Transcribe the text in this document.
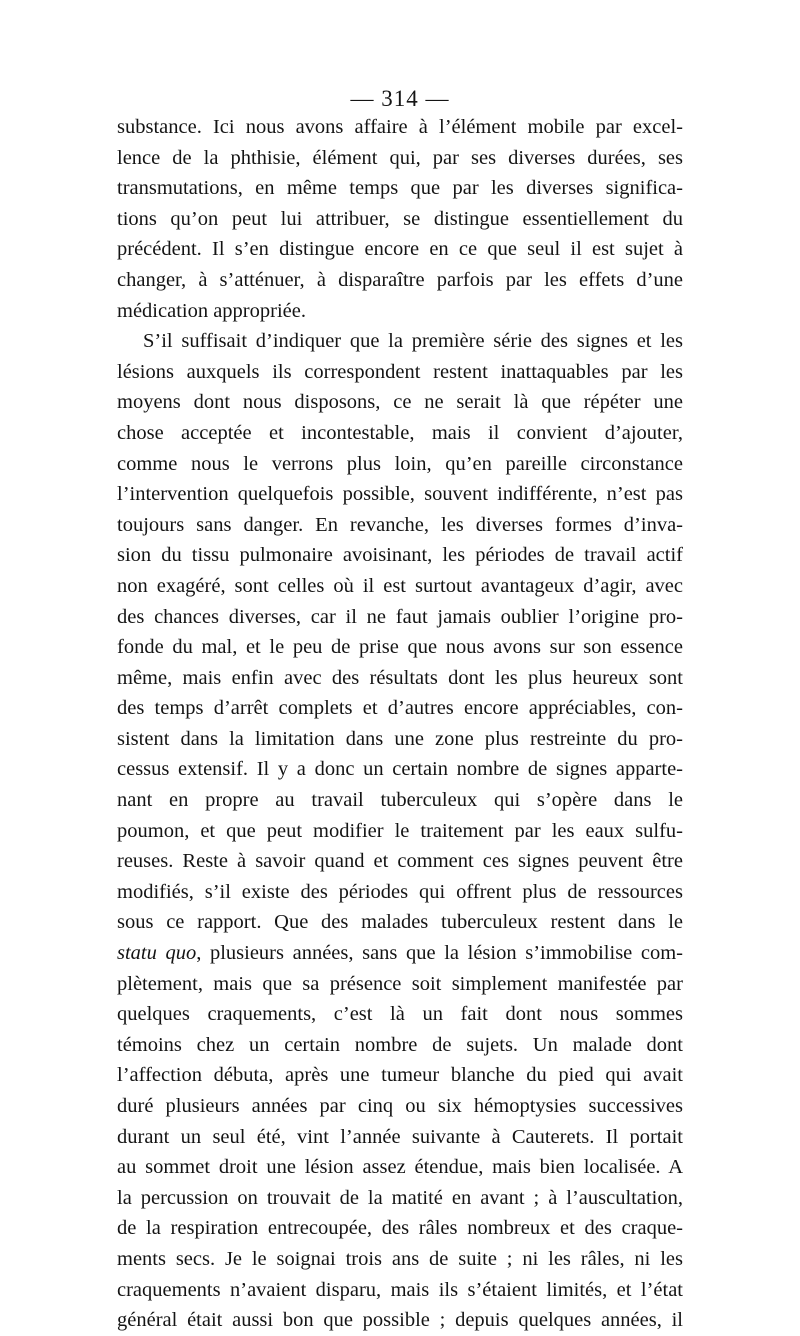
— 314 —
substance. Ici nous avons affaire à l’élément mobile par excel-
lence de la phthisie, élément qui, par ses diverses durées, ses
transmutations, en même temps que par les diverses significa-
tions qu’on peut lui attribuer, se distingue essentiellement du
précédent. Il s’en distingue encore en ce que seul il est sujet à
changer, à s’atténuer, à disparaître parfois par les effets d’une
médication appropriée.
S’il suffisait d’indiquer que la première série des signes et les
lésions auxquels ils correspondent restent inattaquables par les
moyens dont nous disposons, ce ne serait là que répéter une
chose acceptée et incontestable, mais il convient d’ajouter,
comme nous le verrons plus loin, qu’en pareille circonstance
l’intervention quelquefois possible, souvent indifférente, n’est pas
toujours sans danger. En revanche, les diverses formes d’inva-
sion du tissu pulmonaire avoisinant, les périodes de travail actif
non exagéré, sont celles où il est surtout avantageux d’agir, avec
des chances diverses, car il ne faut jamais oublier l’origine pro-
fonde du mal, et le peu de prise que nous avons sur son essence
même, mais enfin avec des résultats dont les plus heureux sont
des temps d’arrêt complets et d’autres encore appréciables, con-
sistent dans la limitation dans une zone plus restreinte du pro-
cessus extensif. Il y a donc un certain nombre de signes apparte-
nant en propre au travail tuberculeux qui s’opère dans le
poumon, et que peut modifier le traitement par les eaux sulfu-
reuses. Reste à savoir quand et comment ces signes peuvent être
modifiés, s’il existe des périodes qui offrent plus de ressources
sous ce rapport. Que des malades tuberculeux restent dans le
statu quo, plusieurs années, sans que la lésion s’immobilise com-
plètement, mais que sa présence soit simplement manifestée par
quelques craquements, c’est là un fait dont nous sommes
témoins chez un certain nombre de sujets. Un malade dont
l’affection débuta, après une tumeur blanche du pied qui avait
duré plusieurs années par cinq ou six hémoptysies successives
durant un seul été, vint l’année suivante à Cauterets. Il portait
au sommet droit une lésion assez étendue, mais bien localisée. A
la percussion on trouvait de la matité en avant ; à l’auscultation,
de la respiration entrecoupée, des râles nombreux et des craque-
ments secs. Je le soignai trois ans de suite ; ni les râles, ni les
craquements n’avaient disparu, mais ils s’étaient limités, et l’état
général était aussi bon que possible ; depuis quelques années, il
